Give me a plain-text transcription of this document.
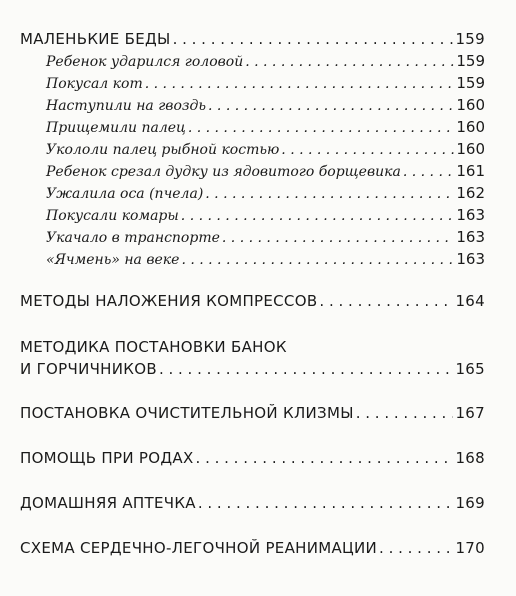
МАЛЕНЬКИЕ БЕДЫ . . .	159
Ребенок ударился головой . . .	159
Покусал кот . . .	159
Наступили на гвоздь . . .	160
Прищемили палец . . .	160
Укололи палец рыбной костью . . .	160
Ребенок срезал дудку из ядовитого борщевика . . .	161
Ужалила оса (пчела) . . .	162
Покусали комары . . .	163
Укачало в транспорте . . .	163
«Ячмень» на веке . . .	163
МЕТОДЫ НАЛОЖЕНИЯ КОМПРЕССОВ . . .	164
МЕТОДИКА ПОСТАНОВКИ БАНОК
И ГОРЧИЧНИКОВ . . .	165
ПОСТАНОВКА ОЧИСТИТЕЛЬНОЙ КЛИЗМЫ . . .	167
ПОМОЩЬ ПРИ РОДАХ . . .	168
ДОМАШНЯЯ АПТЕЧКА . . .	169
СХЕМА СЕРДЕЧНО-ЛЕГОЧНОЙ РЕАНИМАЦИИ . . .	170
